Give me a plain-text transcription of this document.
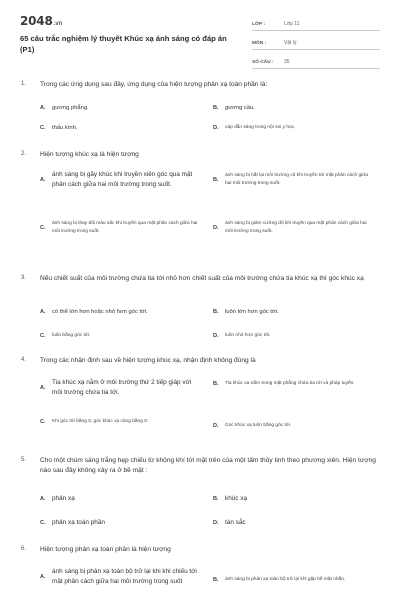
2048 .vn
65 câu trắc nghiệm lý thuyết Khúc xạ ánh sáng có đáp án (P1)
LỚP :	Lớp 11
MÔN :	Vật lý
SỐ CÂU :	35
1.	Trong các ứng dụng sau đây, ứng dụng của hiện tượng phản xạ toàn phần là:
A.	gương phẳng.	B.	gương cầu.
C.	thấu kính.	D.	cáp dẫn sáng trong nội soi y học.
2.	Hiện tượng khúc xạ là hiện tượng
A.
ánh sáng bị gãy khúc khi truyền xiên góc qua mặt phân cách giữa hai môi trường trong suốt.
B.
ánh sáng bị hắt lại môi trường cũ khi truyền tới mặt phân cách giữa hai môi trường trong suốt.
C.
ánh sáng bị thay đổi màu sắc khi truyền qua mặt phân cách giữa hai môi trường trong suốt.
D.
ánh sáng bị giảm cường độ khi truyền qua mặt phân cách giữa hai môi trường trong suốt.
3.	Nếu chiết suất của môi trường chứa tia tới nhỏ hơn chiết suất của môi trường chứa tia khúc xạ thì góc khúc xạ
A.	có thể lớn hơn hoặc nhỏ hơn góc tới.	B.	luôn lớn hơn góc tới.
C.	luôn bằng góc tới.	D.	luôn nhỏ hơn góc tới.
4.	Trong các nhận định sau về hiện tượng khúc xạ, nhận định không đúng là
A.
Tia khúc xạ nằm ở môi trường thứ 2 tiếp giáp với môi trường chứa tia tới.
B.	Tia khúc xạ nằm trong mặt phẳng chứa tia tới và pháp tuyến.
C.	Khi góc tới bằng 0, góc khúc xạ cũng bằng 0.
D.	Góc khúc xạ luôn bằng góc tới.
5.	Cho một chùm sáng trắng hẹp chiếu từ không khí tới mặt trên của một tấm thủy tinh theo phương xiên. Hiện tượng nào sau đây không xảy ra ở bề mặt :
A.	phản xạ	B.	khúc xạ
C.	phản xạ toàn phần	D.	tán sắc
6.	Hiện tượng phản xạ toàn phần là hiện tượng
A.
ánh sáng bị phản xạ toàn bộ trở lại khi khi chiếu tới mặt phân cách giữa hai môi trường trong suốt	B.	ánh sáng bị phản xạ toàn bộ trở lại khi gặp bề mặt nhẵn.
